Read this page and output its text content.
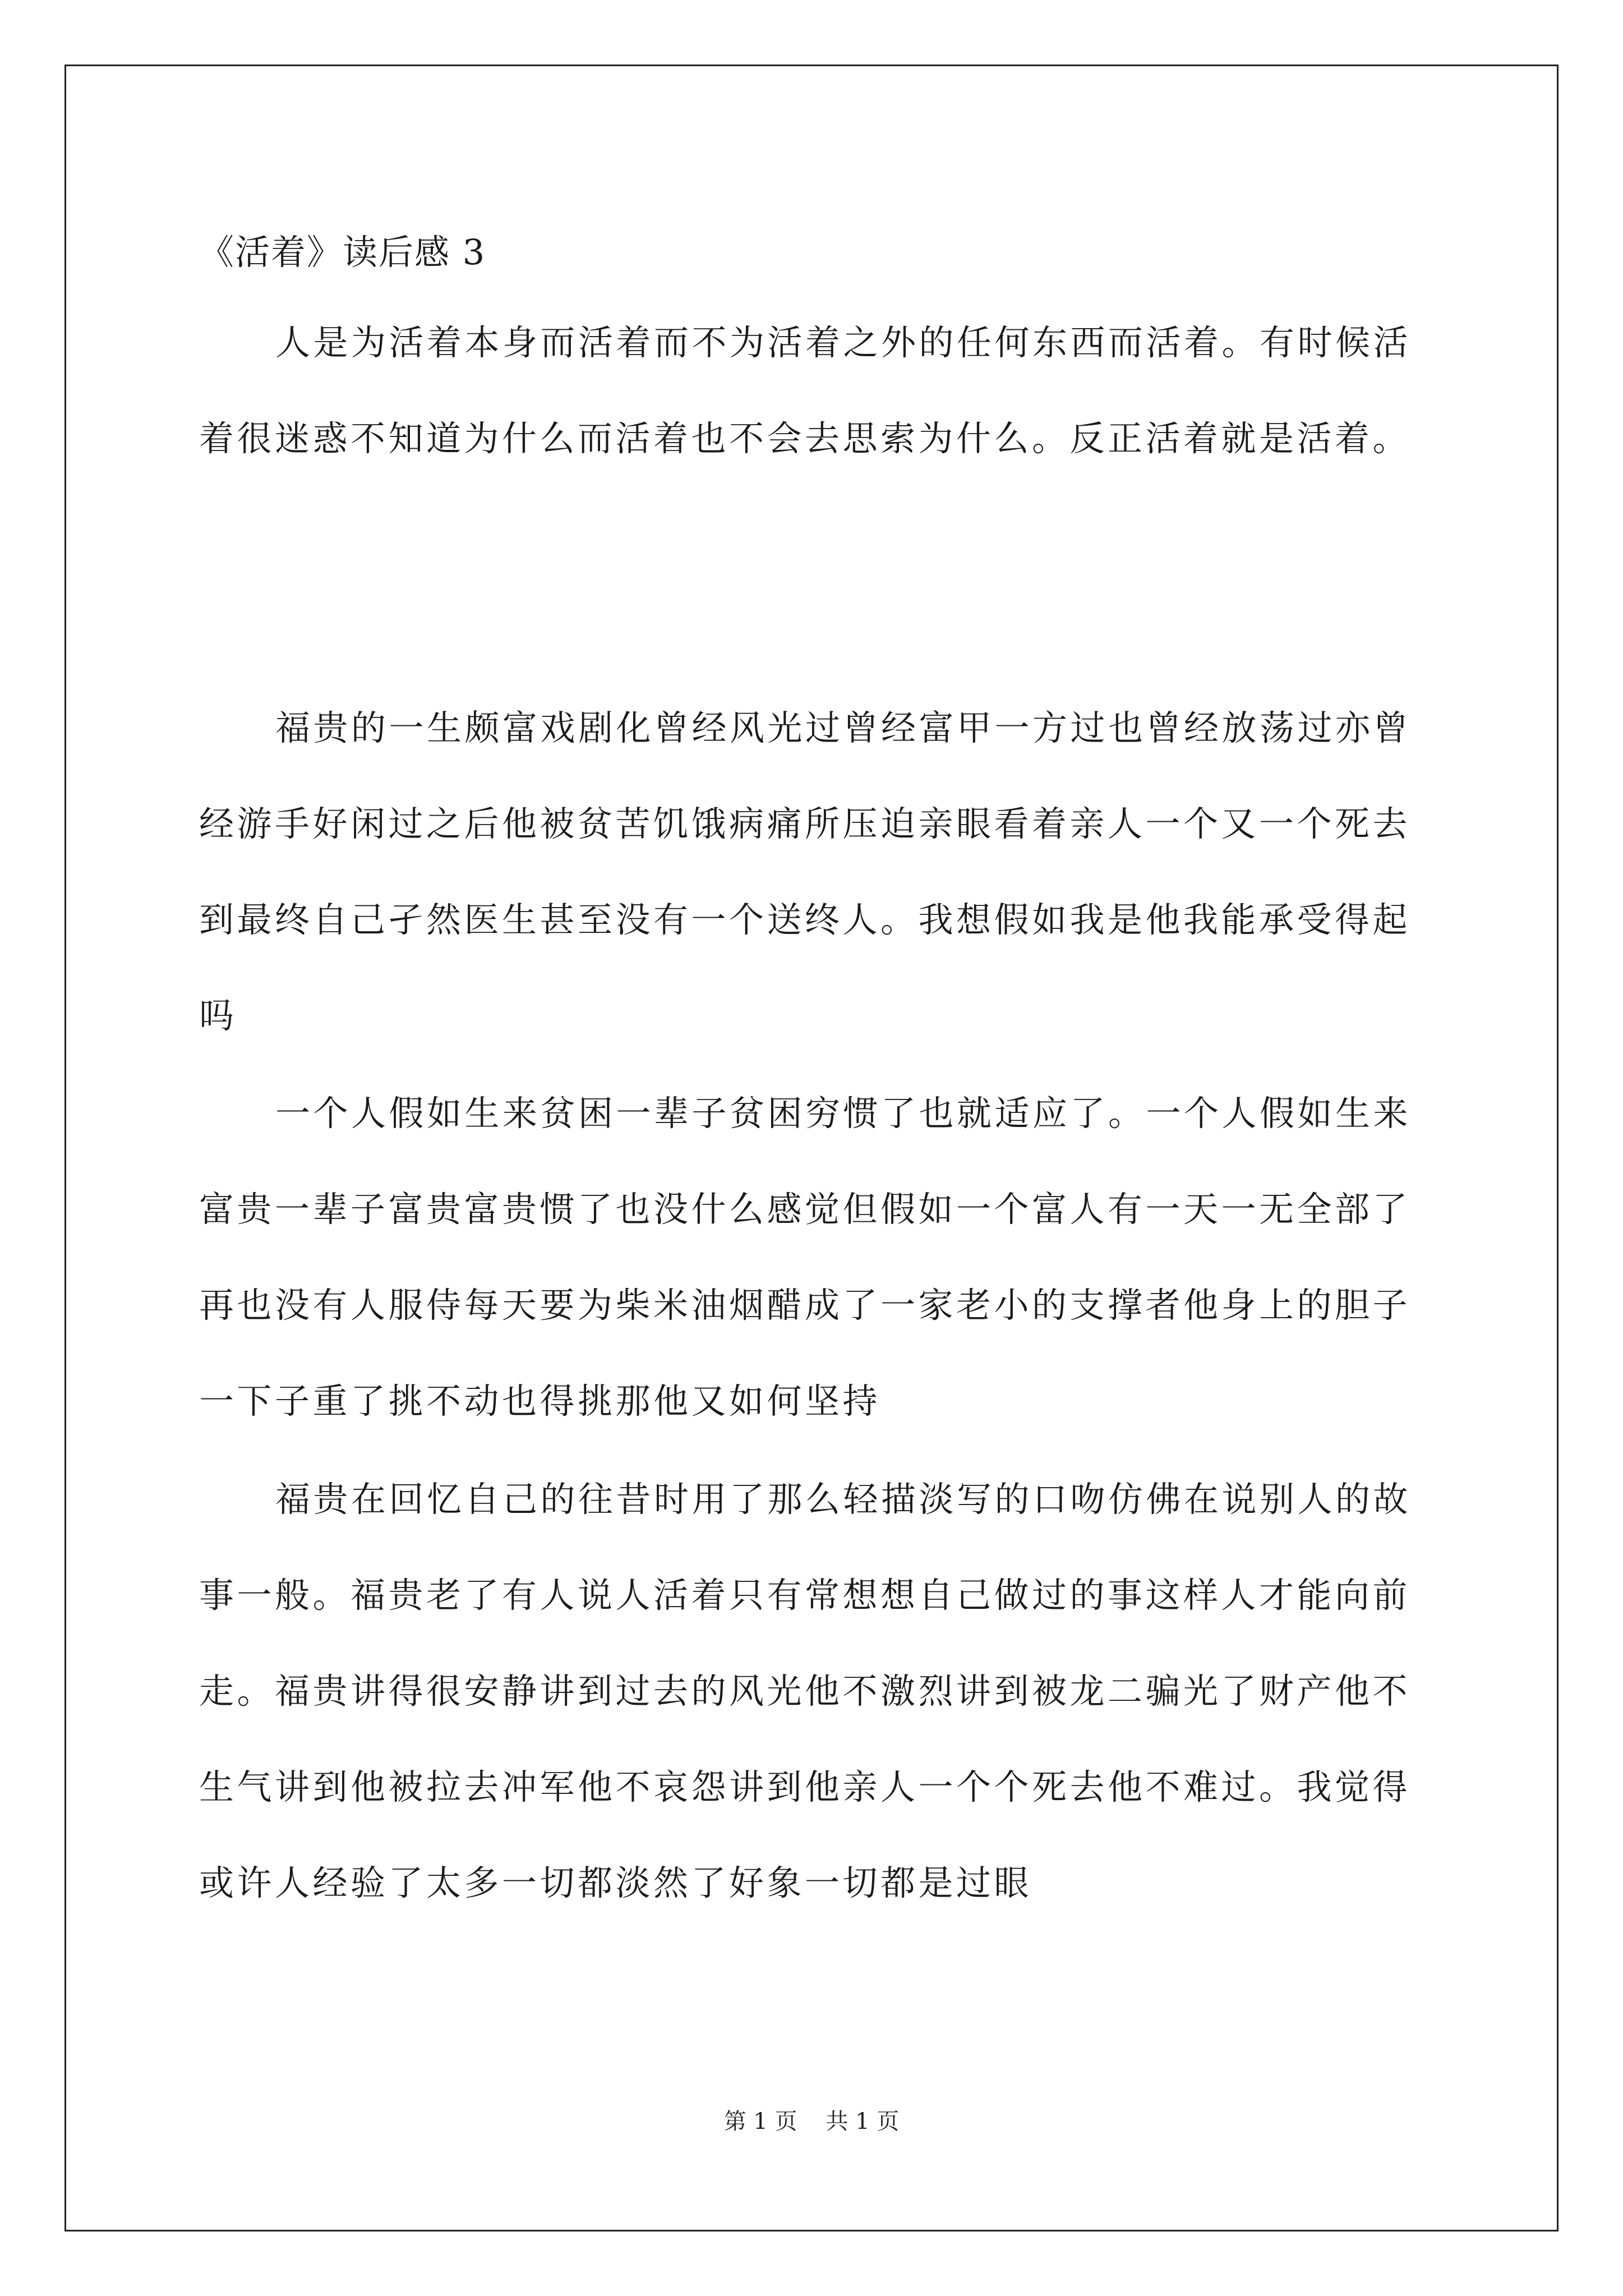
《活着》读后感 3

人是为活着本身而活着而不为活着之外的任何东西而活着。有时候活着很迷惑不知道为什么而活着也不会去思索为什么。反正活着就是活着。

福贵的一生颇富戏剧化曾经风光过曾经富甲一方过也曾经放荡过亦曾经游手好闲过之后他被贫苦饥饿病痛所压迫亲眼看着亲人一个又一个死去到最终自己孑然医生甚至没有一个送终人。我想假如我是他我能承受得起吗

一个人假如生来贫困一辈子贫困穷惯了也就适应了。一个人假如生来富贵一辈子富贵富贵惯了也没什么感觉但假如一个富人有一天一无全部了再也没有人服侍每天要为柴米油烟醋成了一家老小的支撑者他身上的胆子一下子重了挑不动也得挑那他又如何坚持

福贵在回忆自己的往昔时用了那么轻描淡写的口吻仿佛在说别人的故事一般。福贵老了有人说人活着只有常想想自己做过的事这样人才能向前走。福贵讲得很安静讲到过去的风光他不激烈讲到被龙二骗光了财产他不生气讲到他被拉去冲军他不哀怨讲到他亲人一个个死去他不难过。我觉得或许人经验了太多一切都淡然了好象一切都是过眼

第 1 页    共 1 页
